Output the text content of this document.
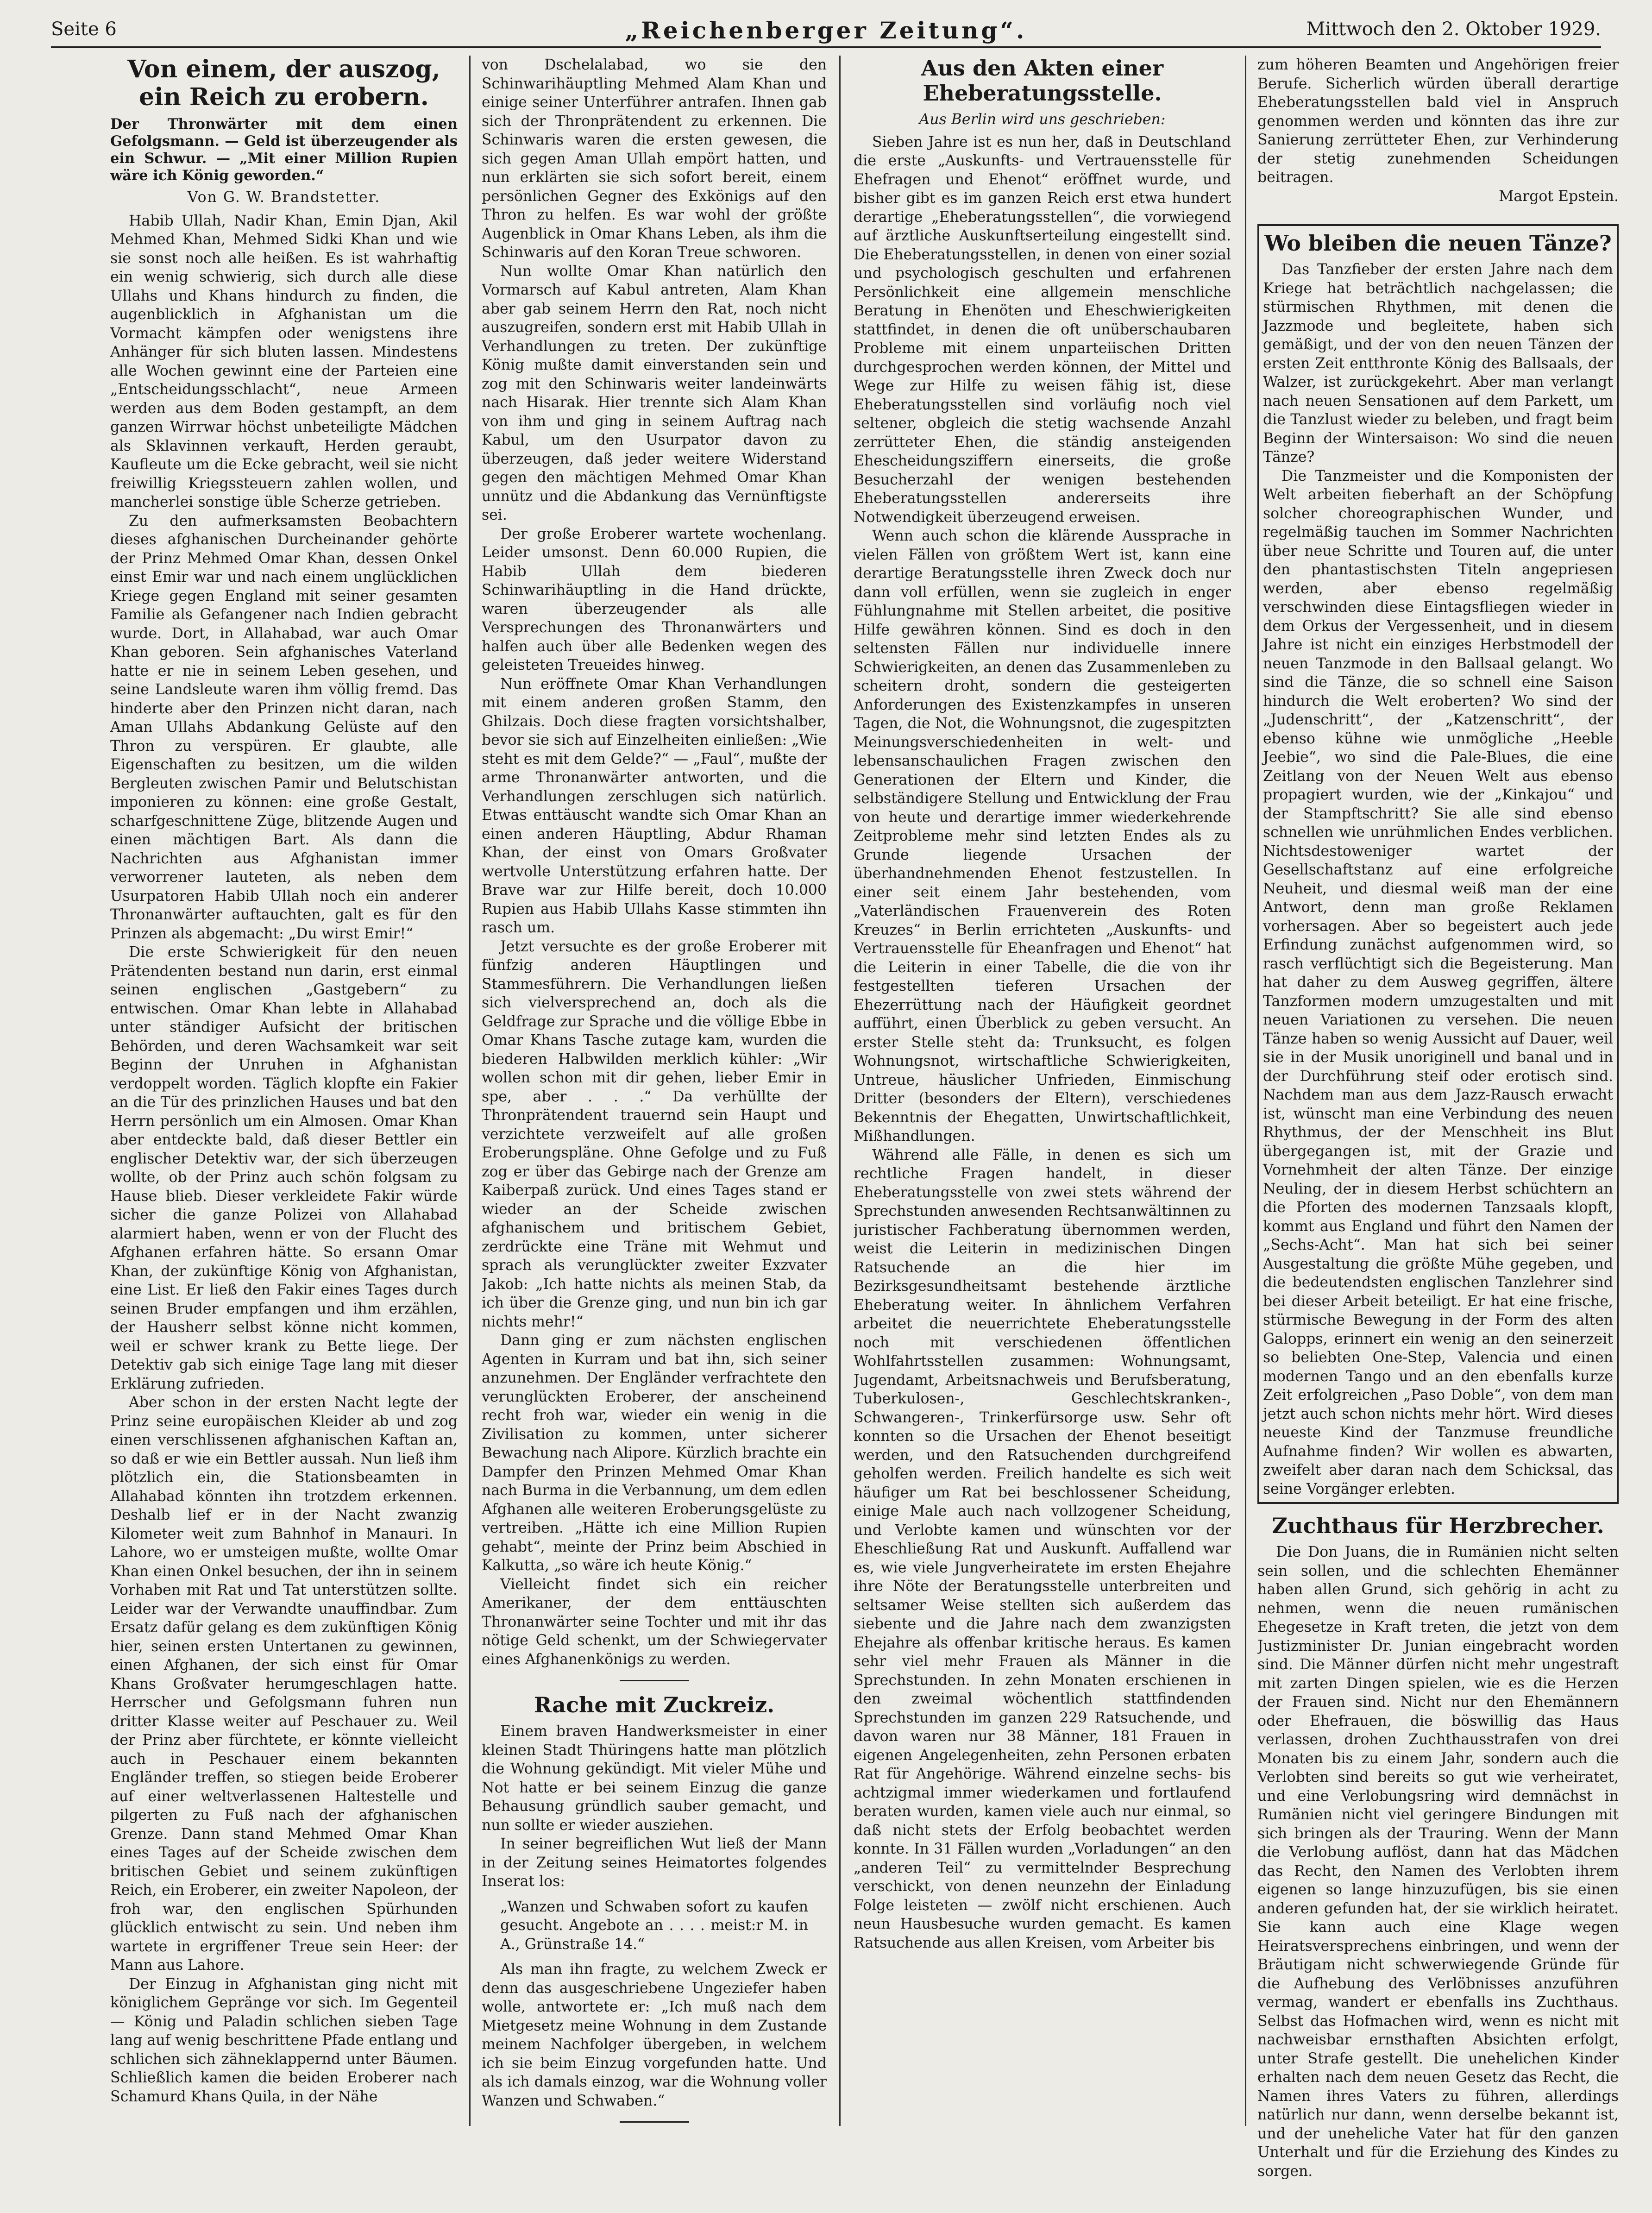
Seite 6	„Reichenberger Zeitung“.	Mittwoch den 2. Oktober 1929.
Von einem, der auszog, ein Reich zu erobern.

Der Thronwärter mit dem einen Gefolgsmann. — Geld ist überzeugender als ein Schwur. — „Mit einer Million Rupien wäre ich König geworden.“

Von G. W. Brandstetter.

Habib Ullah, Nadir Khan, Emin Djan, Akil Mehmed Khan, Mehmed Sidki Khan und wie sie sonst noch alle heißen. Es ist wahrhaftig ein wenig schwierig, sich durch alle diese Ullahs und Khans hindurch zu finden, die augenblicklich in Afghanistan um die Vormacht kämpfen oder wenigstens ihre Anhänger für sich bluten lassen. Mindestens alle Wochen gewinnt eine der Parteien eine „Entscheidungsschlacht“, neue Armeen werden aus dem Boden gestampft, an dem ganzen Wirrwar höchst unbeteiligte Mädchen als Sklavinnen verkauft, Herden geraubt, Kaufleute um die Ecke gebracht, weil sie nicht freiwillig Kriegssteuern zahlen wollen, und mancherlei sonstige üble Scherze getrieben.

Zu den aufmerksamsten Beobachtern dieses afghanischen Durcheinander gehörte der Prinz Mehmed Omar Khan, dessen Onkel einst Emir war und nach einem unglücklichen Kriege gegen England mit seiner gesamten Familie als Gefangener nach Indien gebracht wurde. Dort, in Allahabad, war auch Omar Khan geboren. Sein afghanisches Vaterland hatte er nie in seinem Leben gesehen, und seine Landsleute waren ihm völlig fremd. Das hinderte aber den Prinzen nicht daran, nach Aman Ullahs Abdankung Gelüste auf den Thron zu verspüren. Er glaubte, alle Eigenschaften zu besitzen, um die wilden Bergleuten zwischen Pamir und Belutschistan imponieren zu können: eine große Gestalt, scharfgeschnittene Züge, blitzende Augen und einen mächtigen Bart. Als dann die Nachrichten aus Afghanistan immer verworrener lauteten, als neben dem Usurpatoren Habib Ullah noch ein anderer Thronanwärter auftauchten, galt es für den Prinzen als abgemacht: „Du wirst Emir!“

Die erste Schwierigkeit für den neuen Prätendenten bestand nun darin, erst einmal seinen englischen „Gastgebern“ zu entwischen. Omar Khan lebte in Allahabad unter ständiger Aufsicht der britischen Behörden, und deren Wachsamkeit war seit Beginn der Unruhen in Afghanistan verdoppelt worden. Täglich klopfte ein Fakier an die Tür des prinzlichen Hauses und bat den Herrn persönlich um ein Almosen. Omar Khan aber entdeckte bald, daß dieser Bettler ein englischer Detektiv war, der sich überzeugen wollte, ob der Prinz auch schön folgsam zu Hause blieb. Dieser verkleidete Fakir würde sicher die ganze Polizei von Allahabad alarmiert haben, wenn er von der Flucht des Afghanen erfahren hätte. So ersann Omar Khan, der zukünftige König von Afghanistan, eine List. Er ließ den Fakir eines Tages durch seinen Bruder empfangen und ihm erzählen, der Hausherr selbst könne nicht kommen, weil er schwer krank zu Bette liege. Der Detektiv gab sich einige Tage lang mit dieser Erklärung zufrieden.

Aber schon in der ersten Nacht legte der Prinz seine europäischen Kleider ab und zog einen verschlissenen afghanischen Kaftan an, so daß er wie ein Bettler aussah. Nun ließ ihm plötzlich ein, die Stationsbeamten in Allahabad könnten ihn trotzdem erkennen. Deshalb lief er in der Nacht zwanzig Kilometer weit zum Bahnhof in Manauri. In Lahore, wo er umsteigen mußte, wollte Omar Khan einen Onkel besuchen, der ihn in seinem Vorhaben mit Rat und Tat unterstützen sollte. Leider war der Verwandte unauffindbar. Zum Ersatz dafür gelang es dem zukünftigen König hier, seinen ersten Untertanen zu gewinnen, einen Afghanen, der sich einst für Omar Khans Großvater herumgeschlagen hatte. Herrscher und Gefolgsmann fuhren nun dritter Klasse weiter auf Peschauer zu. Weil der Prinz aber fürchtete, er könnte vielleicht auch in Peschauer einem bekannten Engländer treffen, so stiegen beide Eroberer auf einer weltverlassenen Haltestelle und pilgerten zu Fuß nach der afghanischen Grenze. Dann stand Mehmed Omar Khan eines Tages auf der Scheide zwischen dem britischen Gebiet und seinem zukünftigen Reich, ein Eroberer, ein zweiter Napoleon, der froh war, den englischen Spürhunden glücklich entwischt zu sein. Und neben ihm wartete in ergriffener Treue sein Heer: der Mann aus Lahore.

Der Einzug in Afghanistan ging nicht mit königlichem Gepränge vor sich. Im Gegenteil — König und Paladin schlichen sieben Tage lang auf wenig beschrittene Pfade entlang und schlichen sich zähneklappernd unter Bäumen. Schließlich kamen die beiden Eroberer nach Schamurd Khans Quila, in der Nähe

von Dschelalabad, wo sie den Schinwarihäuptling Mehmed Alam Khan und einige seiner Unterführer antrafen. Ihnen gab sich der Thronprätendent zu erkennen. Die Schinwaris waren die ersten gewesen, die sich gegen Aman Ullah empört hatten, und nun erklärten sie sich sofort bereit, einem persönlichen Gegner des Exkönigs auf den Thron zu helfen. Es war wohl der größte Augenblick in Omar Khans Leben, als ihm die Schinwaris auf den Koran Treue schworen.

Nun wollte Omar Khan natürlich den Vormarsch auf Kabul antreten, Alam Khan aber gab seinem Herrn den Rat, noch nicht auszugreifen, sondern erst mit Habib Ullah in Verhandlungen zu treten. Der zukünftige König mußte damit einverstanden sein und zog mit den Schinwaris weiter landeinwärts nach Hisarak. Hier trennte sich Alam Khan von ihm und ging in seinem Auftrag nach Kabul, um den Usurpator davon zu überzeugen, daß jeder weitere Widerstand gegen den mächtigen Mehmed Omar Khan unnütz und die Abdankung das Vernünftigste sei.

Der große Eroberer wartete wochenlang. Leider umsonst. Denn 60.000 Rupien, die Habib Ullah dem biederen Schinwarihäuptling in die Hand drückte, waren überzeugender als alle Versprechungen des Thronanwärters und halfen auch über alle Bedenken wegen des geleisteten Treueides hinweg.

Nun eröffnete Omar Khan Verhandlungen mit einem anderen großen Stamm, den Ghilzais. Doch diese fragten vorsichtshalber, bevor sie sich auf Einzelheiten einließen: „Wie steht es mit dem Gelde?“ — „Faul“, mußte der arme Thronanwärter antworten, und die Verhandlungen zerschlugen sich natürlich. Etwas enttäuscht wandte sich Omar Khan an einen anderen Häuptling, Abdur Rhaman Khan, der einst von Omars Großvater wertvolle Unterstützung erfahren hatte. Der Brave war zur Hilfe bereit, doch 10.000 Rupien aus Habib Ullahs Kasse stimmten ihn rasch um.

Jetzt versuchte es der große Eroberer mit fünfzig anderen Häuptlingen und Stammesführern. Die Verhandlungen ließen sich vielversprechend an, doch als die Geldfrage zur Sprache und die völlige Ebbe in Omar Khans Tasche zutage kam, wurden die biederen Halbwilden merklich kühler: „Wir wollen schon mit dir gehen, lieber Emir in spe, aber . . .“ Da verhüllte der Thronprätendent trauernd sein Haupt und verzichtete verzweifelt auf alle großen Eroberungspläne. Ohne Gefolge und zu Fuß zog er über das Gebirge nach der Grenze am Kaiberpaß zurück. Und eines Tages stand er wieder an der Scheide zwischen afghanischem und britischem Gebiet, zerdrückte eine Träne mit Wehmut und sprach als verunglückter zweiter Exzvater Jakob: „Ich hatte nichts als meinen Stab, da ich über die Grenze ging, und nun bin ich gar nichts mehr!“

Dann ging er zum nächsten englischen Agenten in Kurram und bat ihn, sich seiner anzunehmen. Der Engländer verfrachtete den verunglückten Eroberer, der anscheinend recht froh war, wieder ein wenig in die Zivilisation zu kommen, unter sicherer Bewachung nach Alipore. Kürzlich brachte ein Dampfer den Prinzen Mehmed Omar Khan nach Burma in die Verbannung, um dem edlen Afghanen alle weiteren Eroberungsgelüste zu vertreiben. „Hätte ich eine Million Rupien gehabt“, meinte der Prinz beim Abschied in Kalkutta, „so wäre ich heute König.“

Vielleicht findet sich ein reicher Amerikaner, der dem enttäuschten Thronanwärter seine Tochter und mit ihr das nötige Geld schenkt, um der Schwiegervater eines Afghanenkönigs zu werden.

Rache mit Zuckreiz.

Einem braven Handwerksmeister in einer kleinen Stadt Thüringens hatte man plötzlich die Wohnung gekündigt. Mit vieler Mühe und Not hatte er bei seinem Einzug die ganze Behausung gründlich sauber gemacht, und nun sollte er wieder ausziehen.

In seiner begreiflichen Wut ließ der Mann in der Zeitung seines Heimatortes folgendes Inserat los:

„Wanzen und Schwaben sofort zu kaufen gesucht. Angebote an . . . . meist:r M. in A., Grünstraße 14.“

Als man ihn fragte, zu welchem Zweck er denn das ausgeschriebene Ungeziefer haben wolle, antwortete er: „Ich muß nach dem Mietgesetz meine Wohnung in dem Zustande meinem Nachfolger übergeben, in welchem ich sie beim Einzug vorgefunden hatte. Und als ich damals einzog, war die Wohnung voller Wanzen und Schwaben.“

Aus den Akten einer Eheberatungsstelle.

Aus Berlin wird uns geschrieben:

Sieben Jahre ist es nun her, daß in Deutschland die erste „Auskunfts- und Vertrauensstelle für Ehefragen und Ehenot“ eröffnet wurde, und bisher gibt es im ganzen Reich erst etwa hundert derartige „Eheberatungsstellen“, die vorwiegend auf ärztliche Auskunftserteilung eingestellt sind. Die Eheberatungsstellen, in denen von einer sozial und psychologisch geschulten und erfahrenen Persönlichkeit eine allgemein menschliche Beratung in Ehenöten und Eheschwierigkeiten stattfindet, in denen die oft unüberschaubaren Probleme mit einem unparteiischen Dritten durchgesprochen werden können, der Mittel und Wege zur Hilfe zu weisen fähig ist, diese Eheberatungsstellen sind vorläufig noch viel seltener, obgleich die stetig wachsende Anzahl zerrütteter Ehen, die ständig ansteigenden Ehescheidungsziffern einerseits, die große Besucherzahl der wenigen bestehenden Eheberatungsstellen andererseits ihre Notwendigkeit überzeugend erweisen.

Wenn auch schon die klärende Aussprache in vielen Fällen von größtem Wert ist, kann eine derartige Beratungsstelle ihren Zweck doch nur dann voll erfüllen, wenn sie zugleich in enger Fühlungnahme mit Stellen arbeitet, die positive Hilfe gewähren können. Sind es doch in den seltensten Fällen nur individuelle innere Schwierigkeiten, an denen das Zusammenleben zu scheitern droht, sondern die gesteigerten Anforderungen des Existenzkampfes in unseren Tagen, die Not, die Wohnungsnot, die zugespitzten Meinungsverschiedenheiten in welt- und lebensanschaulichen Fragen zwischen den Generationen der Eltern und Kinder, die selbständigere Stellung und Entwicklung der Frau von heute und derartige immer wiederkehrende Zeitprobleme mehr sind letzten Endes als zu Grunde liegende Ursachen der überhandnehmenden Ehenot festzustellen. In einer seit einem Jahr bestehenden, vom „Vaterländischen Frauenverein des Roten Kreuzes“ in Berlin errichteten „Auskunfts- und Vertrauensstelle für Eheanfragen und Ehenot“ hat die Leiterin in einer Tabelle, die die von ihr festgestellten tieferen Ursachen der Ehezerrüttung nach der Häufigkeit geordnet aufführt, einen Überblick zu geben versucht. An erster Stelle steht da: Trunksucht, es folgen Wohnungsnot, wirtschaftliche Schwierigkeiten, Untreue, häuslicher Unfrieden, Einmischung Dritter (besonders der Eltern), verschiedenes Bekenntnis der Ehegatten, Unwirtschaftlichkeit, Mißhandlungen.

Während alle Fälle, in denen es sich um rechtliche Fragen handelt, in dieser Eheberatungsstelle von zwei stets während der Sprechstunden anwesenden Rechtsanwältinnen zu juristischer Fachberatung übernommen werden, weist die Leiterin in medizinischen Dingen Ratsuchende an die hier im Bezirksgesundheitsamt bestehende ärztliche Eheberatung weiter. In ähnlichem Verfahren arbeitet die neuerrichtete Eheberatungsstelle noch mit verschiedenen öffentlichen Wohlfahrtsstellen zusammen: Wohnungsamt, Jugendamt, Arbeitsnachweis und Berufsberatung, Tuberkulosen-, Geschlechtskranken-, Schwangeren-, Trinkerfürsorge usw. Sehr oft konnten so die Ursachen der Ehenot beseitigt werden, und den Ratsuchenden durchgreifend geholfen werden. Freilich handelte es sich weit häufiger um Rat bei beschlossener Scheidung, einige Male auch nach vollzogener Scheidung, und Verlobte kamen und wünschten vor der Eheschließung Rat und Auskunft. Auffallend war es, wie viele Jungverheiratete im ersten Ehejahre ihre Nöte der Beratungsstelle unterbreiten und seltsamer Weise stellten sich außerdem das siebente und die Jahre nach dem zwanzigsten Ehejahre als offenbar kritische heraus. Es kamen sehr viel mehr Frauen als Männer in die Sprechstunden. In zehn Monaten erschienen in den zweimal wöchentlich stattfindenden Sprechstunden im ganzen 229 Ratsuchende, und davon waren nur 38 Männer, 181 Frauen in eigenen Angelegenheiten, zehn Personen erbaten Rat für Angehörige. Während einzelne sechs- bis achtzigmal immer wiederkamen und fortlaufend beraten wurden, kamen viele auch nur einmal, so daß nicht stets der Erfolg beobachtet werden konnte. In 31 Fällen wurden „Vorladungen“ an den „anderen Teil“ zu vermittelnder Besprechung verschickt, von denen neunzehn der Einladung Folge leisteten — zwölf nicht erschienen. Auch neun Hausbesuche wurden gemacht. Es kamen Ratsuchende aus allen Kreisen, vom Arbeiter bis

zum höheren Beamten und Angehörigen freier Berufe. Sicherlich würden überall derartige Eheberatungsstellen bald viel in Anspruch genommen werden und könnten das ihre zur Sanierung zerrütteter Ehen, zur Verhinderung der stetig zunehmenden Scheidungen beitragen.

Margot Epstein.

Wo bleiben die neuen Tänze?

Das Tanzfieber der ersten Jahre nach dem Kriege hat beträchtlich nachgelassen; die stürmischen Rhythmen, mit denen die Jazzmode und begleitete, haben sich gemäßigt, und der von den neuen Tänzen der ersten Zeit entthronte König des Ballsaals, der Walzer, ist zurückgekehrt. Aber man verlangt nach neuen Sensationen auf dem Parkett, um die Tanzlust wieder zu beleben, und fragt beim Beginn der Wintersaison: Wo sind die neuen Tänze?

Die Tanzmeister und die Komponisten der Welt arbeiten fieberhaft an der Schöpfung solcher choreographischen Wunder, und regelmäßig tauchen im Sommer Nachrichten über neue Schritte und Touren auf, die unter den phantastischsten Titeln angepriesen werden, aber ebenso regelmäßig verschwinden diese Eintagsfliegen wieder in dem Orkus der Vergessenheit, und in diesem Jahre ist nicht ein einziges Herbstmodell der neuen Tanzmode in den Ballsaal gelangt. Wo sind die Tänze, die so schnell eine Saison hindurch die Welt eroberten? Wo sind der „Judenschritt“, der „Katzenschritt“, der ebenso kühne wie unmögliche „Heeble Jeebie“, wo sind die Pale-Blues, die eine Zeitlang von der Neuen Welt aus ebenso propagiert wurden, wie der „Kinkajou“ und der Stampftschritt? Sie alle sind ebenso schnellen wie unrühmlichen Endes verblichen. Nichtsdestoweniger wartet der Gesellschaftstanz auf eine erfolgreiche Neuheit, und diesmal weiß man der eine Antwort, denn man große Reklamen vorhersagen. Aber so begeistert auch jede Erfindung zunächst aufgenommen wird, so rasch verflüchtigt sich die Begeisterung. Man hat daher zu dem Ausweg gegriffen, ältere Tanzformen modern umzugestalten und mit neuen Variationen zu versehen. Die neuen Tänze haben so wenig Aussicht auf Dauer, weil sie in der Musik unoriginell und banal und in der Durchführung steif oder erotisch sind. Nachdem man aus dem Jazz-Rausch erwacht ist, wünscht man eine Verbindung des neuen Rhythmus, der der Menschheit ins Blut übergegangen ist, mit der Grazie und Vornehmheit der alten Tänze. Der einzige Neuling, der in diesem Herbst schüchtern an die Pforten des modernen Tanzsaals klopft, kommt aus England und führt den Namen der „Sechs-Acht“. Man hat sich bei seiner Ausgestaltung die größte Mühe gegeben, und die bedeutendsten englischen Tanzlehrer sind bei dieser Arbeit beteiligt. Er hat eine frische, stürmische Bewegung in der Form des alten Galopps, erinnert ein wenig an den seinerzeit so beliebten One-Step, Valencia und einen modernen Tango und an den ebenfalls kurze Zeit erfolgreichen „Paso Doble“, von dem man jetzt auch schon nichts mehr hört. Wird dieses neueste Kind der Tanzmuse freundliche Aufnahme finden? Wir wollen es abwarten, zweifelt aber daran nach dem Schicksal, das seine Vorgänger erlebten.

Zuchthaus für Herzbrecher.

Die Don Juans, die in Rumänien nicht selten sein sollen, und die schlechten Ehemänner haben allen Grund, sich gehörig in acht zu nehmen, wenn die neuen rumänischen Ehegesetze in Kraft treten, die jetzt von dem Justizminister Dr. Junian eingebracht worden sind. Die Männer dürfen nicht mehr ungestraft mit zarten Dingen spielen, wie es die Herzen der Frauen sind. Nicht nur den Ehemännern oder Ehefrauen, die böswillig das Haus verlassen, drohen Zuchthausstrafen von drei Monaten bis zu einem Jahr, sondern auch die Verlobten sind bereits so gut wie verheiratet, und eine Verlobungsring wird demnächst in Rumänien nicht viel geringere Bindungen mit sich bringen als der Trauring. Wenn der Mann die Verlobung auflöst, dann hat das Mädchen das Recht, den Namen des Verlobten ihrem eigenen so lange hinzuzufügen, bis sie einen anderen gefunden hat, der sie wirklich heiratet. Sie kann auch eine Klage wegen Heiratsversprechens einbringen, und wenn der Bräutigam nicht schwerwiegende Gründe für die Aufhebung des Verlöbnisses anzuführen vermag, wandert er ebenfalls ins Zuchthaus. Selbst das Hofmachen wird, wenn es nicht mit nachweisbar ernsthaften Absichten erfolgt, unter Strafe gestellt. Die unehelichen Kinder erhalten nach dem neuen Gesetz das Recht, die Namen ihres Vaters zu führen, allerdings natürlich nur dann, wenn derselbe bekannt ist, und der uneheliche Vater hat für den ganzen Unterhalt und für die Erziehung des Kindes zu sorgen.
